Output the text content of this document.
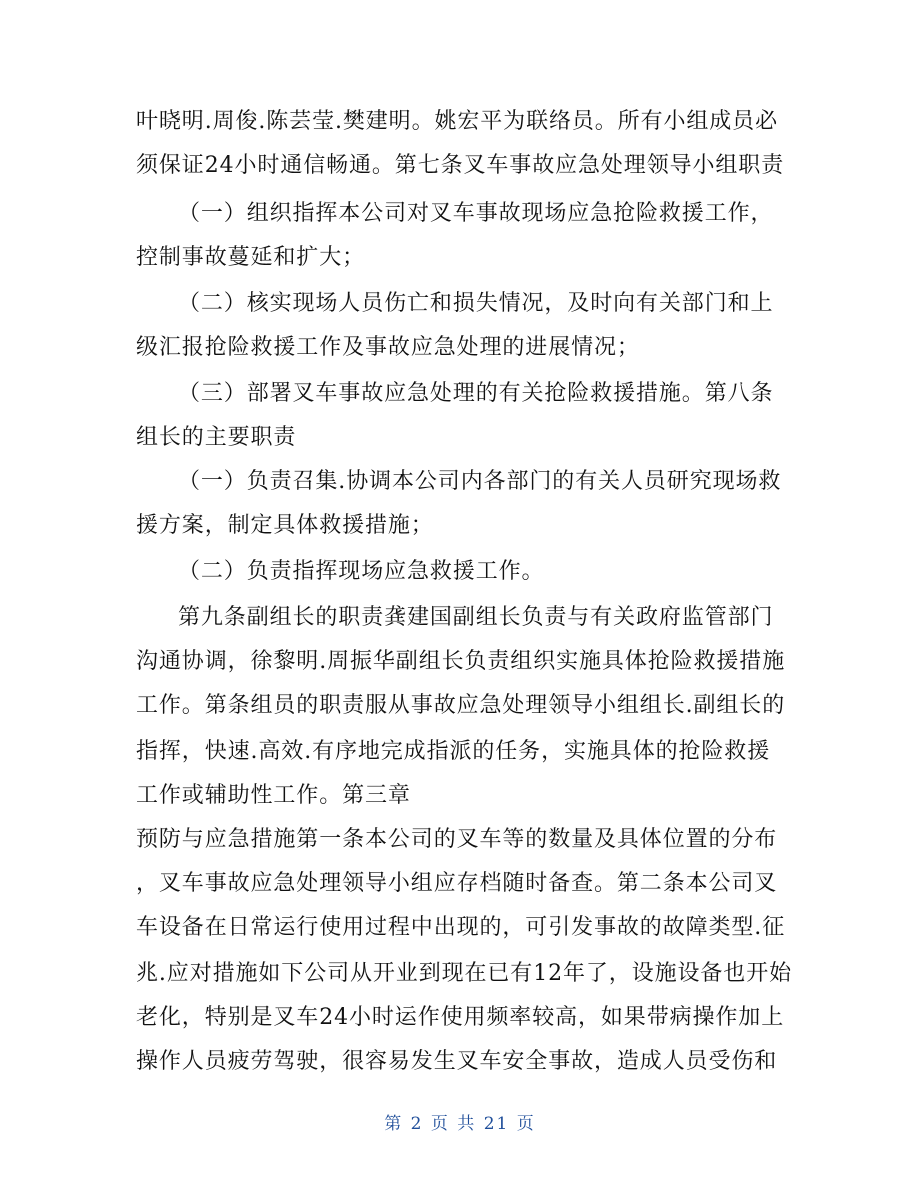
叶晓明.周俊.陈芸莹.樊建明。姚宏平为联络员。所有小组成员必
须保证24小时通信畅通。第七条叉车事故应急处理领导小组职责
（一）组织指挥本公司对叉车事故现场应急抢险救援工作，
控制事故蔓延和扩大；
（二）核实现场人员伤亡和损失情况，及时向有关部门和上
级汇报抢险救援工作及事故应急处理的进展情况；
（三）部署叉车事故应急处理的有关抢险救援措施。第八条
组长的主要职责
（一）负责召集.协调本公司内各部门的有关人员研究现场救
援方案，制定具体救援措施；
（二）负责指挥现场应急救援工作。
第九条副组长的职责龚建国副组长负责与有关政府监管部门
沟通协调，徐黎明.周振华副组长负责组织实施具体抢险救援措施
工作。第条组员的职责服从事故应急处理领导小组组长.副组长的
指挥，快速.高效.有序地完成指派的任务，实施具体的抢险救援
工作或辅助性工作。第三章
预防与应急措施第一条本公司的叉车等的数量及具体位置的分布
，叉车事故应急处理领导小组应存档随时备查。第二条本公司叉
车设备在日常运行使用过程中出现的，可引发事故的故障类型.征
兆.应对措施如下公司从开业到现在已有12年了，设施设备也开始
老化，特别是叉车24小时运作使用频率较高，如果带病操作加上
操作人员疲劳驾驶，很容易发生叉车安全事故，造成人员受伤和
第 2 页 共 21 页
